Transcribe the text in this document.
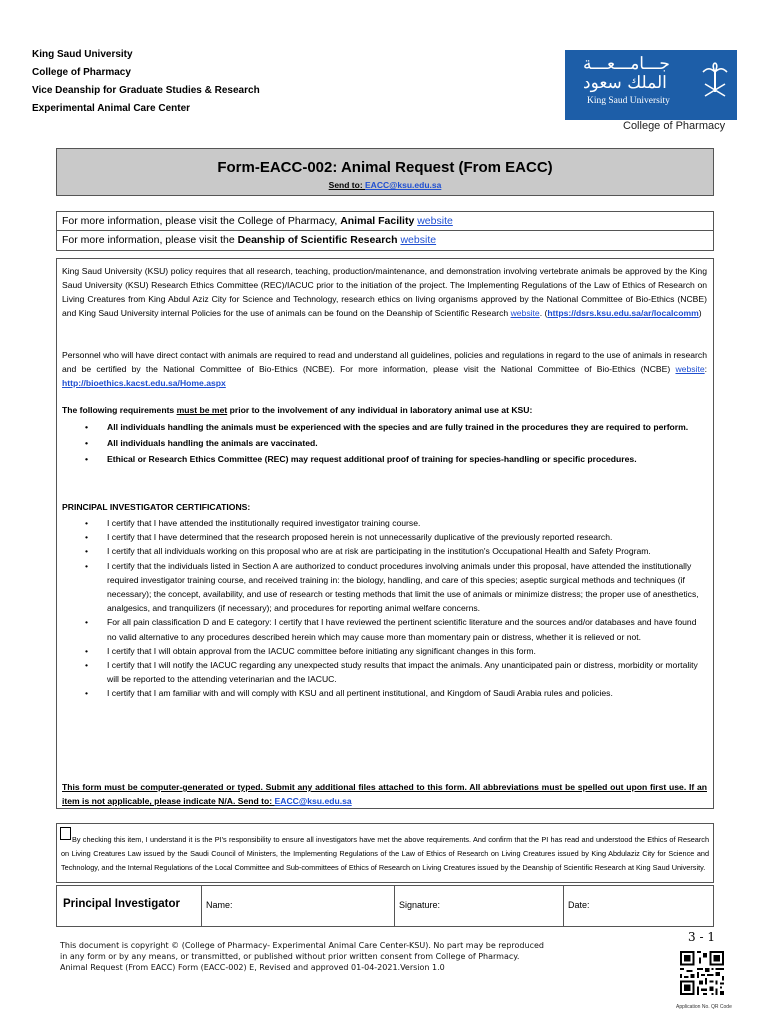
King Saud University
College of Pharmacy
Vice Deanship for Graduate Studies & Research
Experimental Animal Care Center
جـــامـــعـــة
الملك سعود
King Saud University
College of Pharmacy
Form-EACC-002: Animal Request (From EACC)
Send to: EACC@ksu.edu.sa
For more information, please visit the College of Pharmacy, Animal Facility website
For more information, please visit the Deanship of Scientific Research website

King Saud University (KSU) policy requires that all research, teaching, production/maintenance, and demonstration involving vertebrate animals be approved by the King Saud University (KSU) Research Ethics Committee (REC)/IACUC prior to the initiation of the project. The Implementing Regulations of the Law of Ethics of Research on Living Creatures from King Abdul Aziz City for Science and Technology, research ethics on living organisms approved by the National Committee of Bio-Ethics (NCBE) and King Saud University internal Policies for the use of animals can be found on the Deanship of Scientific Research website. (https://dsrs.ksu.edu.sa/ar/localcomm)

Personnel who will have direct contact with animals are required to read and understand all guidelines, policies and regulations in regard to the use of animals in research and be certified by the National Committee of Bio-Ethics (NCBE). For more information, please visit the National Committee of Bio-Ethics (NCBE) website: http://bioethics.kacst.edu.sa/Home.aspx

The following requirements must be met prior to the involvement of any individual in laboratory animal use at KSU:
• All individuals handling the animals must be experienced with the species and are fully trained in the procedures they are required to perform.
• All individuals handling the animals are vaccinated.
• Ethical or Research Ethics Committee (REC) may request additional proof of training for species-handling or specific procedures.
PRINCIPAL INVESTIGATOR CERTIFICATIONS:
• I certify that I have attended the institutionally required investigator training course.
• I certify that I have determined that the research proposed herein is not unnecessarily duplicative of the previously reported research.
• I certify that all individuals working on this proposal who are at risk are participating in the institution's Occupational Health and Safety Program.
• I certify that the individuals listed in Section A are authorized to conduct procedures involving animals under this proposal, have attended the institutionally required investigator training course, and received training in: the biology, handling, and care of this species; aseptic surgical methods and techniques (if necessary); the concept, availability, and use of research or testing methods that limit the use of animals or minimize distress; the proper use of anesthetics, analgesics, and tranquilizers (if necessary); and procedures for reporting animal welfare concerns.
• For all pain classification D and E category: I certify that I have reviewed the pertinent scientific literature and the sources and/or databases and have found no valid alternative to any procedures described herein which may cause more than momentary pain or distress, whether it is relieved or not.
• I certify that I will obtain approval from the IACUC committee before initiating any significant changes in this form.
• I certify that I will notify the IACUC regarding any unexpected study results that impact the animals. Any unanticipated pain or distress, morbidity or mortality will be reported to the attending veterinarian and the IACUC.
• I certify that I am familiar with and will comply with KSU and all pertinent institutional, and Kingdom of Saudi Arabia rules and policies.

This form must be computer-generated or typed. Submit any additional files attached to this form. All abbreviations must be spelled out upon first use. If an item is not applicable, please indicate N/A. Send to: EACC@ksu.edu.sa

By checking this item, I understand it is the PI's responsibility to ensure all investigators have met the above requirements. And confirm that the PI has read and understood the Ethics of Research on Living Creatures Law issued by the Saudi Council of Ministers, the Implementing Regulations of the Law of Ethics of Research on Living Creatures issued by King Abdulaziz City for Science and Technology, and the Internal Regulations of the Local Committee and Sub-committees of Ethics of Research on Living Creatures issued by the Deanship of Scientific Research at King Saud University.

Principal Investigator	Name:	Signature:	Date:
3 - 1
This document is copyright © (College of Pharmacy- Experimental Animal Care Center-KSU). No part may be reproduced
in any form or by any means, or transmitted, or published without prior written consent from College of Pharmacy.
Animal Request (From EACC) Form (EACC-002) E, Revised and approved 01-04-2021.Version 1.0
Application No. QR Code
